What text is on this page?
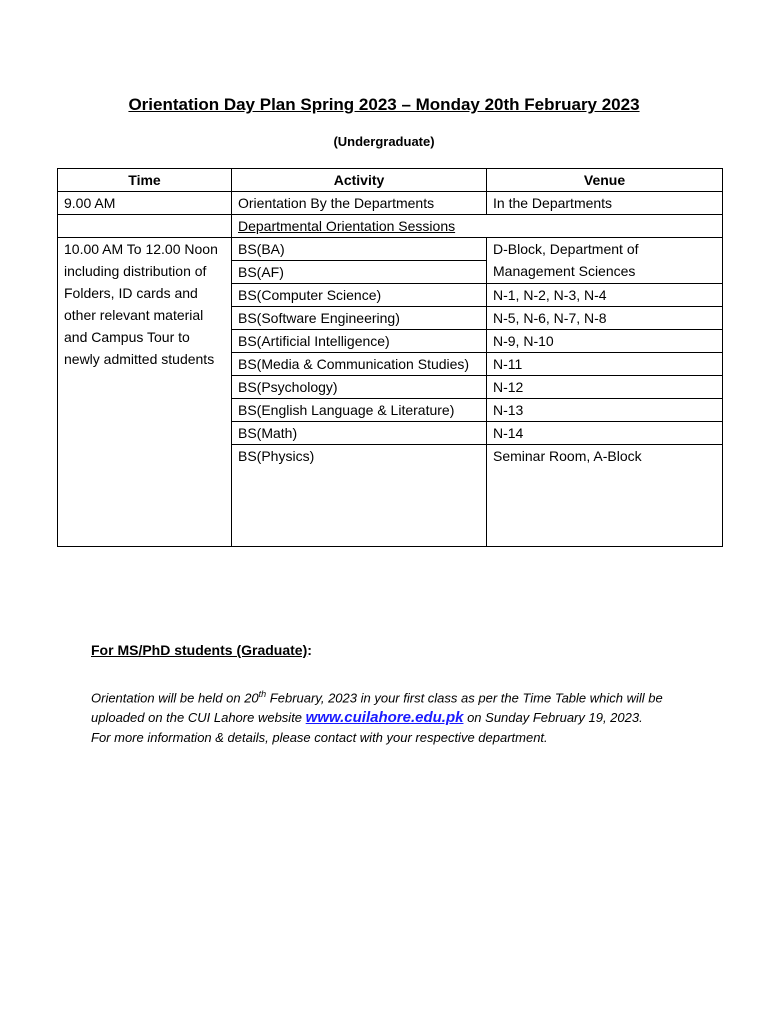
Orientation Day Plan Spring 2023 – Monday 20th February 2023
(Undergraduate)
Time	Activity	Venue
9.00 AM	Orientation By the Departments	In the Departments
	Departmental Orientation Sessions	
10.00 AM To 12.00 Noon including distribution of Folders, ID cards and other relevant material and Campus Tour to newly admitted students	BS(BA)	D-Block, Department of Management Sciences
	BS(AF)	
	BS(Computer Science)	N-1, N-2, N-3, N-4
	BS(Software Engineering)	N-5, N-6, N-7, N-8
	BS(Artificial Intelligence)	N-9, N-10
	BS(Media & Communication Studies)	N-11
	BS(Psychology)	N-12
	BS(English Language & Literature)	N-13
	BS(Math)	N-14
	BS(Physics)	Seminar Room, A-Block
For MS/PhD students (Graduate):
Orientation will be held on 20th February, 2023 in your first class as per the Time Table which will be uploaded on the CUI Lahore website www.cuilahore.edu.pk on Sunday February 19, 2023.
For more information & details, please contact with your respective department.
